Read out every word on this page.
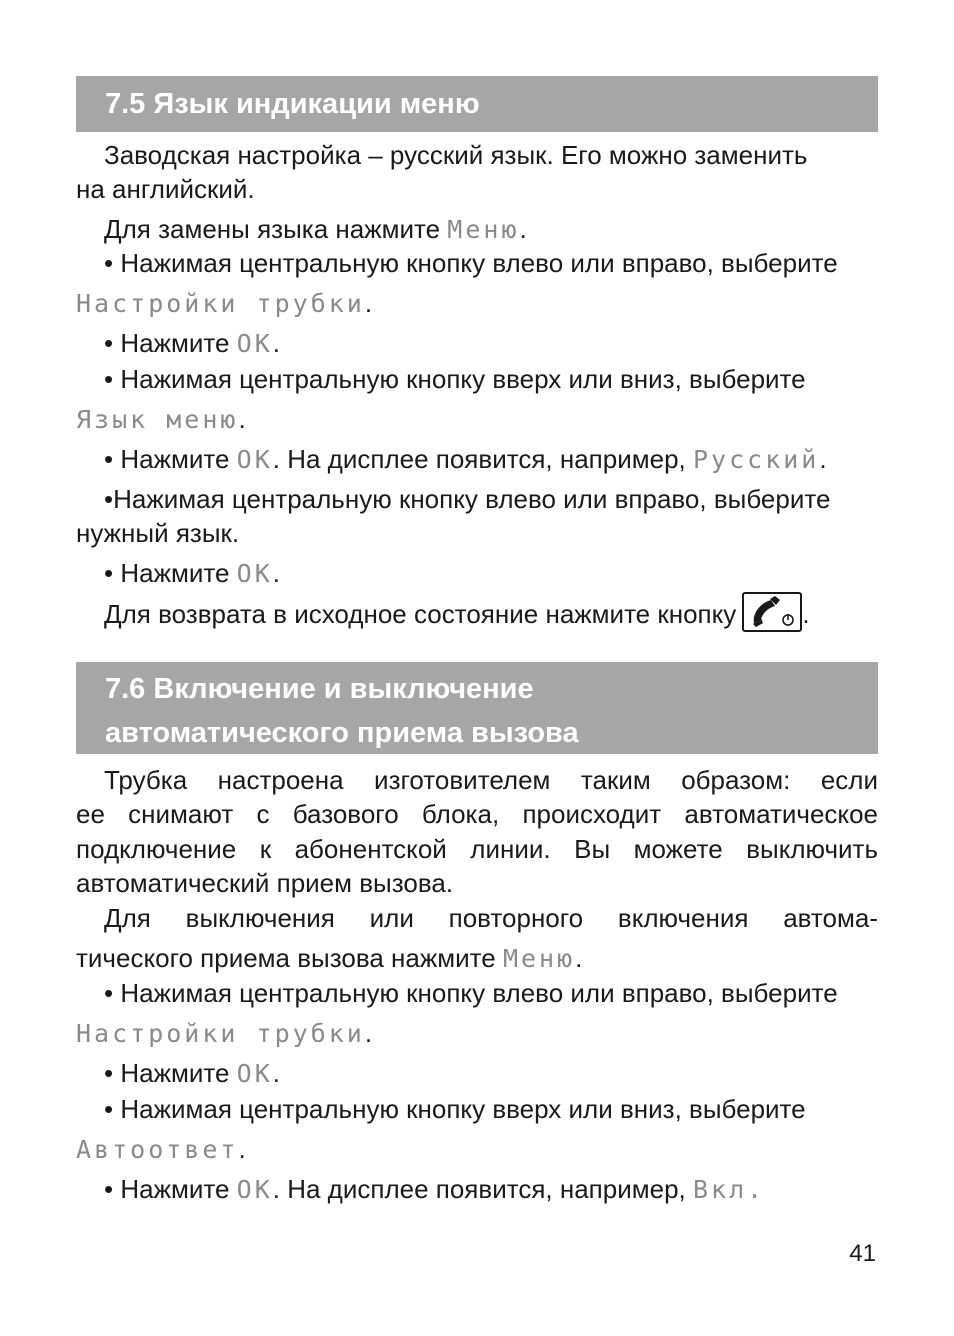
7.5 Язык индикации меню
Заводская настройка – русский язык. Его можно заменить
на английский.
Для замены языка нажмите Меню.
• Нажимая центральную кнопку влево или вправо, выберите
Настройки трубки.
• Нажмите OK.
• Нажимая центральную кнопку вверх или вниз, выберите
Язык меню.
• Нажмите OK. На дисплее появится, например, Русский.
•Нажимая центральную кнопку влево или вправо, выберите
нужный язык.
• Нажмите OK.
Для возврата в исходное состояние нажмите кнопку	.
7.6 Включение и выключение
автоматического приема вызова
Трубка настроена изготовителем таким образом: если
ее снимают с базового блока, происходит автоматическое
подключение к абонентской линии. Вы можете выключить
автоматический прием вызова.
Для выключения или повторного включения автома-
тического приема вызова нажмите Меню.
• Нажимая центральную кнопку влево или вправо, выберите
Настройки трубки.
• Нажмите OK.
• Нажимая центральную кнопку вверх или вниз, выберите
Автоответ.
• Нажмите OK. На дисплее появится, например, Вкл.
41
